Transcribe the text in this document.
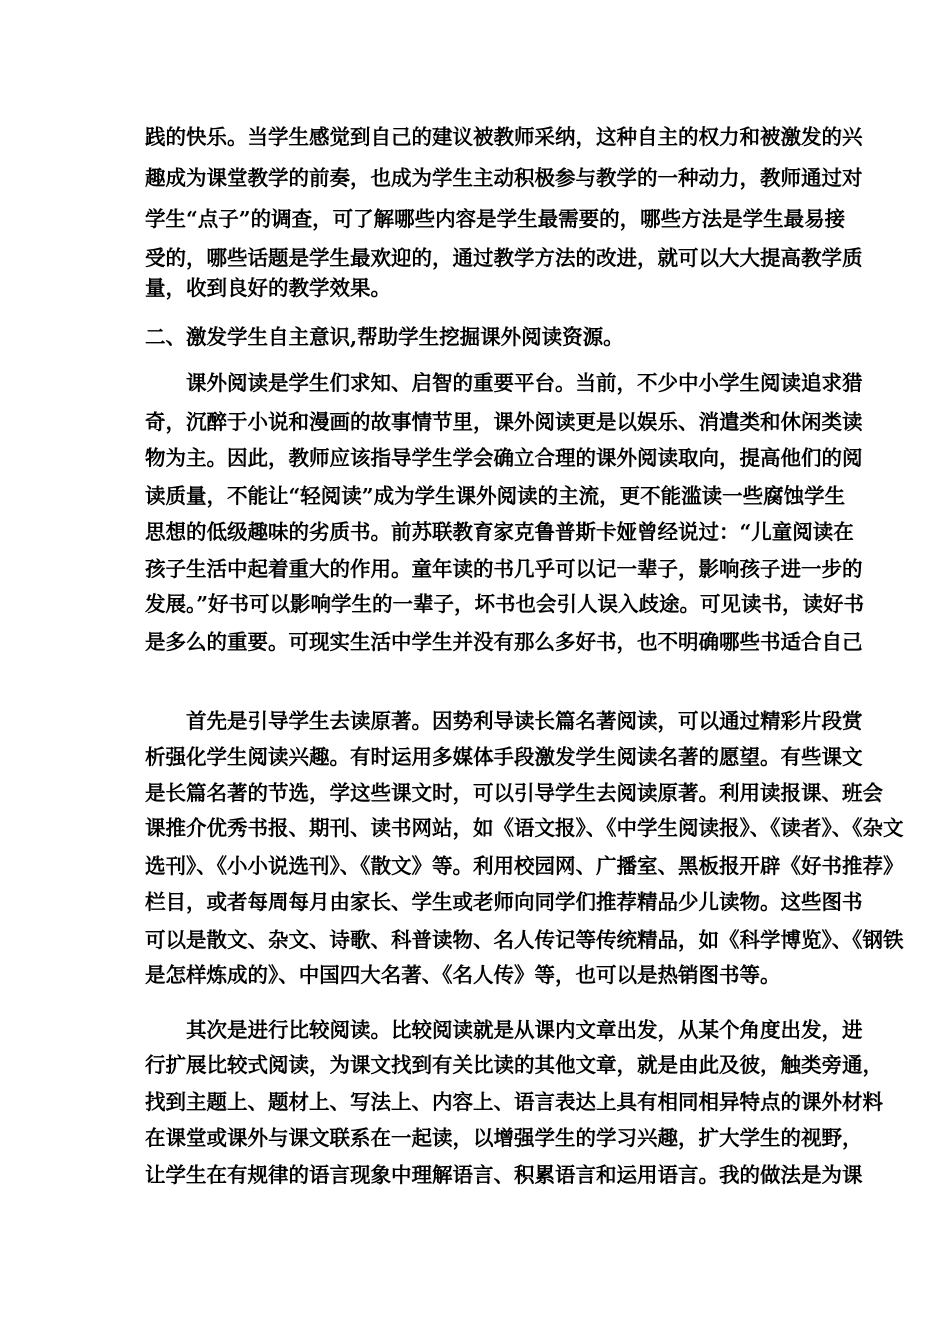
践的快乐。当学生感觉到自己的建议被教师采纳，这种自主的权力和被激发的兴
趣成为课堂教学的前奏，也成为学生主动积极参与教学的一种动力，教师通过对
学生“点子”的调查，可了解哪些内容是学生最需要的，哪些方法是学生最易接
受的，哪些话题是学生最欢迎的，通过教学方法的改进，就可以大大提高教学质
量，收到良好的教学效果。
二、激发学生自主意识,帮助学生挖掘课外阅读资源。
课外阅读是学生们求知、启智的重要平台。当前，不少中小学生阅读追求猎
奇，沉醉于小说和漫画的故事情节里，课外阅读更是以娱乐、消遣类和休闲类读
物为主。因此，教师应该指导学生学会确立合理的课外阅读取向，提高他们的阅
读质量，不能让“轻阅读”成为学生课外阅读的主流，更不能滥读一些腐蚀学生
思想的低级趣味的劣质书。前苏联教育家克鲁普斯卡娅曾经说过：“儿童阅读在
孩子生活中起着重大的作用。童年读的书几乎可以记一辈子，影响孩子进一步的
发展。”好书可以影响学生的一辈子，坏书也会引人误入歧途。可见读书，读好书
是多么的重要。可现实生活中学生并没有那么多好书，也不明确哪些书适合自己
首先是引导学生去读原著。因势利导读长篇名著阅读，可以通过精彩片段赏
析强化学生阅读兴趣。有时运用多媒体手段激发学生阅读名著的愿望。有些课文
是长篇名著的节选，学这些课文时，可以引导学生去阅读原著。利用读报课、班会
课推介优秀书报、期刊、读书网站，如《语文报》、《中学生阅读报》、《读者》、《杂文
选刊》、《小小说选刊》、《散文》等。利用校园网、广播室、黑板报开辟《好书推荐》
栏目，或者每周每月由家长、学生或老师向同学们推荐精品少儿读物。这些图书
可以是散文、杂文、诗歌、科普读物、名人传记等传统精品，如《科学博览》、《钢铁
是怎样炼成的》、中国四大名著、《名人传》等，也可以是热销图书等。
其次是进行比较阅读。比较阅读就是从课内文章出发，从某个角度出发，进
行扩展比较式阅读，为课文找到有关比读的其他文章，就是由此及彼，触类旁通，
找到主题上、题材上、写法上、内容上、语言表达上具有相同相异特点的课外材料
在课堂或课外与课文联系在一起读，以增强学生的学习兴趣，扩大学生的视野，
让学生在有规律的语言现象中理解语言、积累语言和运用语言。我的做法是为课
